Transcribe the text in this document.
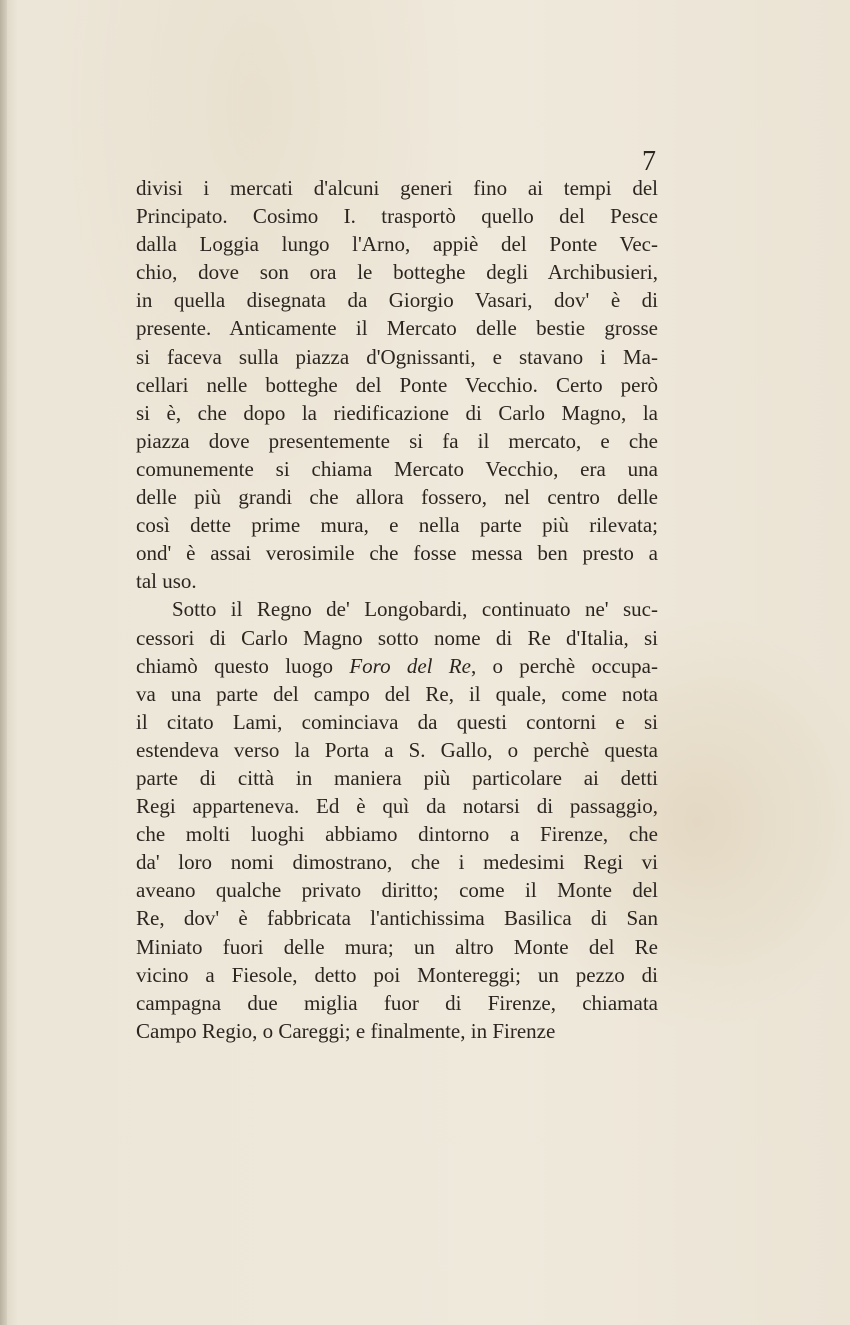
7
divisi i mercati d'alcuni generi fino ai tempi del
Principato. Cosimo I. trasportò quello del Pesce
dalla Loggia lungo l'Arno, appiè del Ponte Vec-
chio, dove son ora le botteghe degli Archibusieri,
in quella disegnata da Giorgio Vasari, dov' è di
presente. Anticamente il Mercato delle bestie grosse
si faceva sulla piazza d'Ognissanti, e stavano i Ma-
cellari nelle botteghe del Ponte Vecchio. Certo però
si è, che dopo la riedificazione di Carlo Magno, la
piazza dove presentemente si fa il mercato, e che
comunemente si chiama Mercato Vecchio, era una
delle più grandi che allora fossero, nel centro delle
così dette prime mura, e nella parte più rilevata;
ond' è assai verosimile che fosse messa ben presto a
tal uso.
Sotto il Regno de' Longobardi, continuato ne' suc-
cessori di Carlo Magno sotto nome di Re d'Italia, si
chiamò questo luogo Foro del Re, o perchè occupa-
va una parte del campo del Re, il quale, come nota
il citato Lami, cominciava da questi contorni e si
estendeva verso la Porta a S. Gallo, o perchè questa
parte di città in maniera più particolare ai detti
Regi apparteneva. Ed è quì da notarsi di passaggio,
che molti luoghi abbiamo dintorno a Firenze, che
da' loro nomi dimostrano, che i medesimi Regi vi
aveano qualche privato diritto; come il Monte del
Re, dov' è fabbricata l'antichissima Basilica di San
Miniato fuori delle mura; un altro Monte del Re
vicino a Fiesole, detto poi Montereggi; un pezzo di
campagna due miglia fuor di Firenze, chiamata
Campo Regio, o Careggi; e finalmente, in Firenze
